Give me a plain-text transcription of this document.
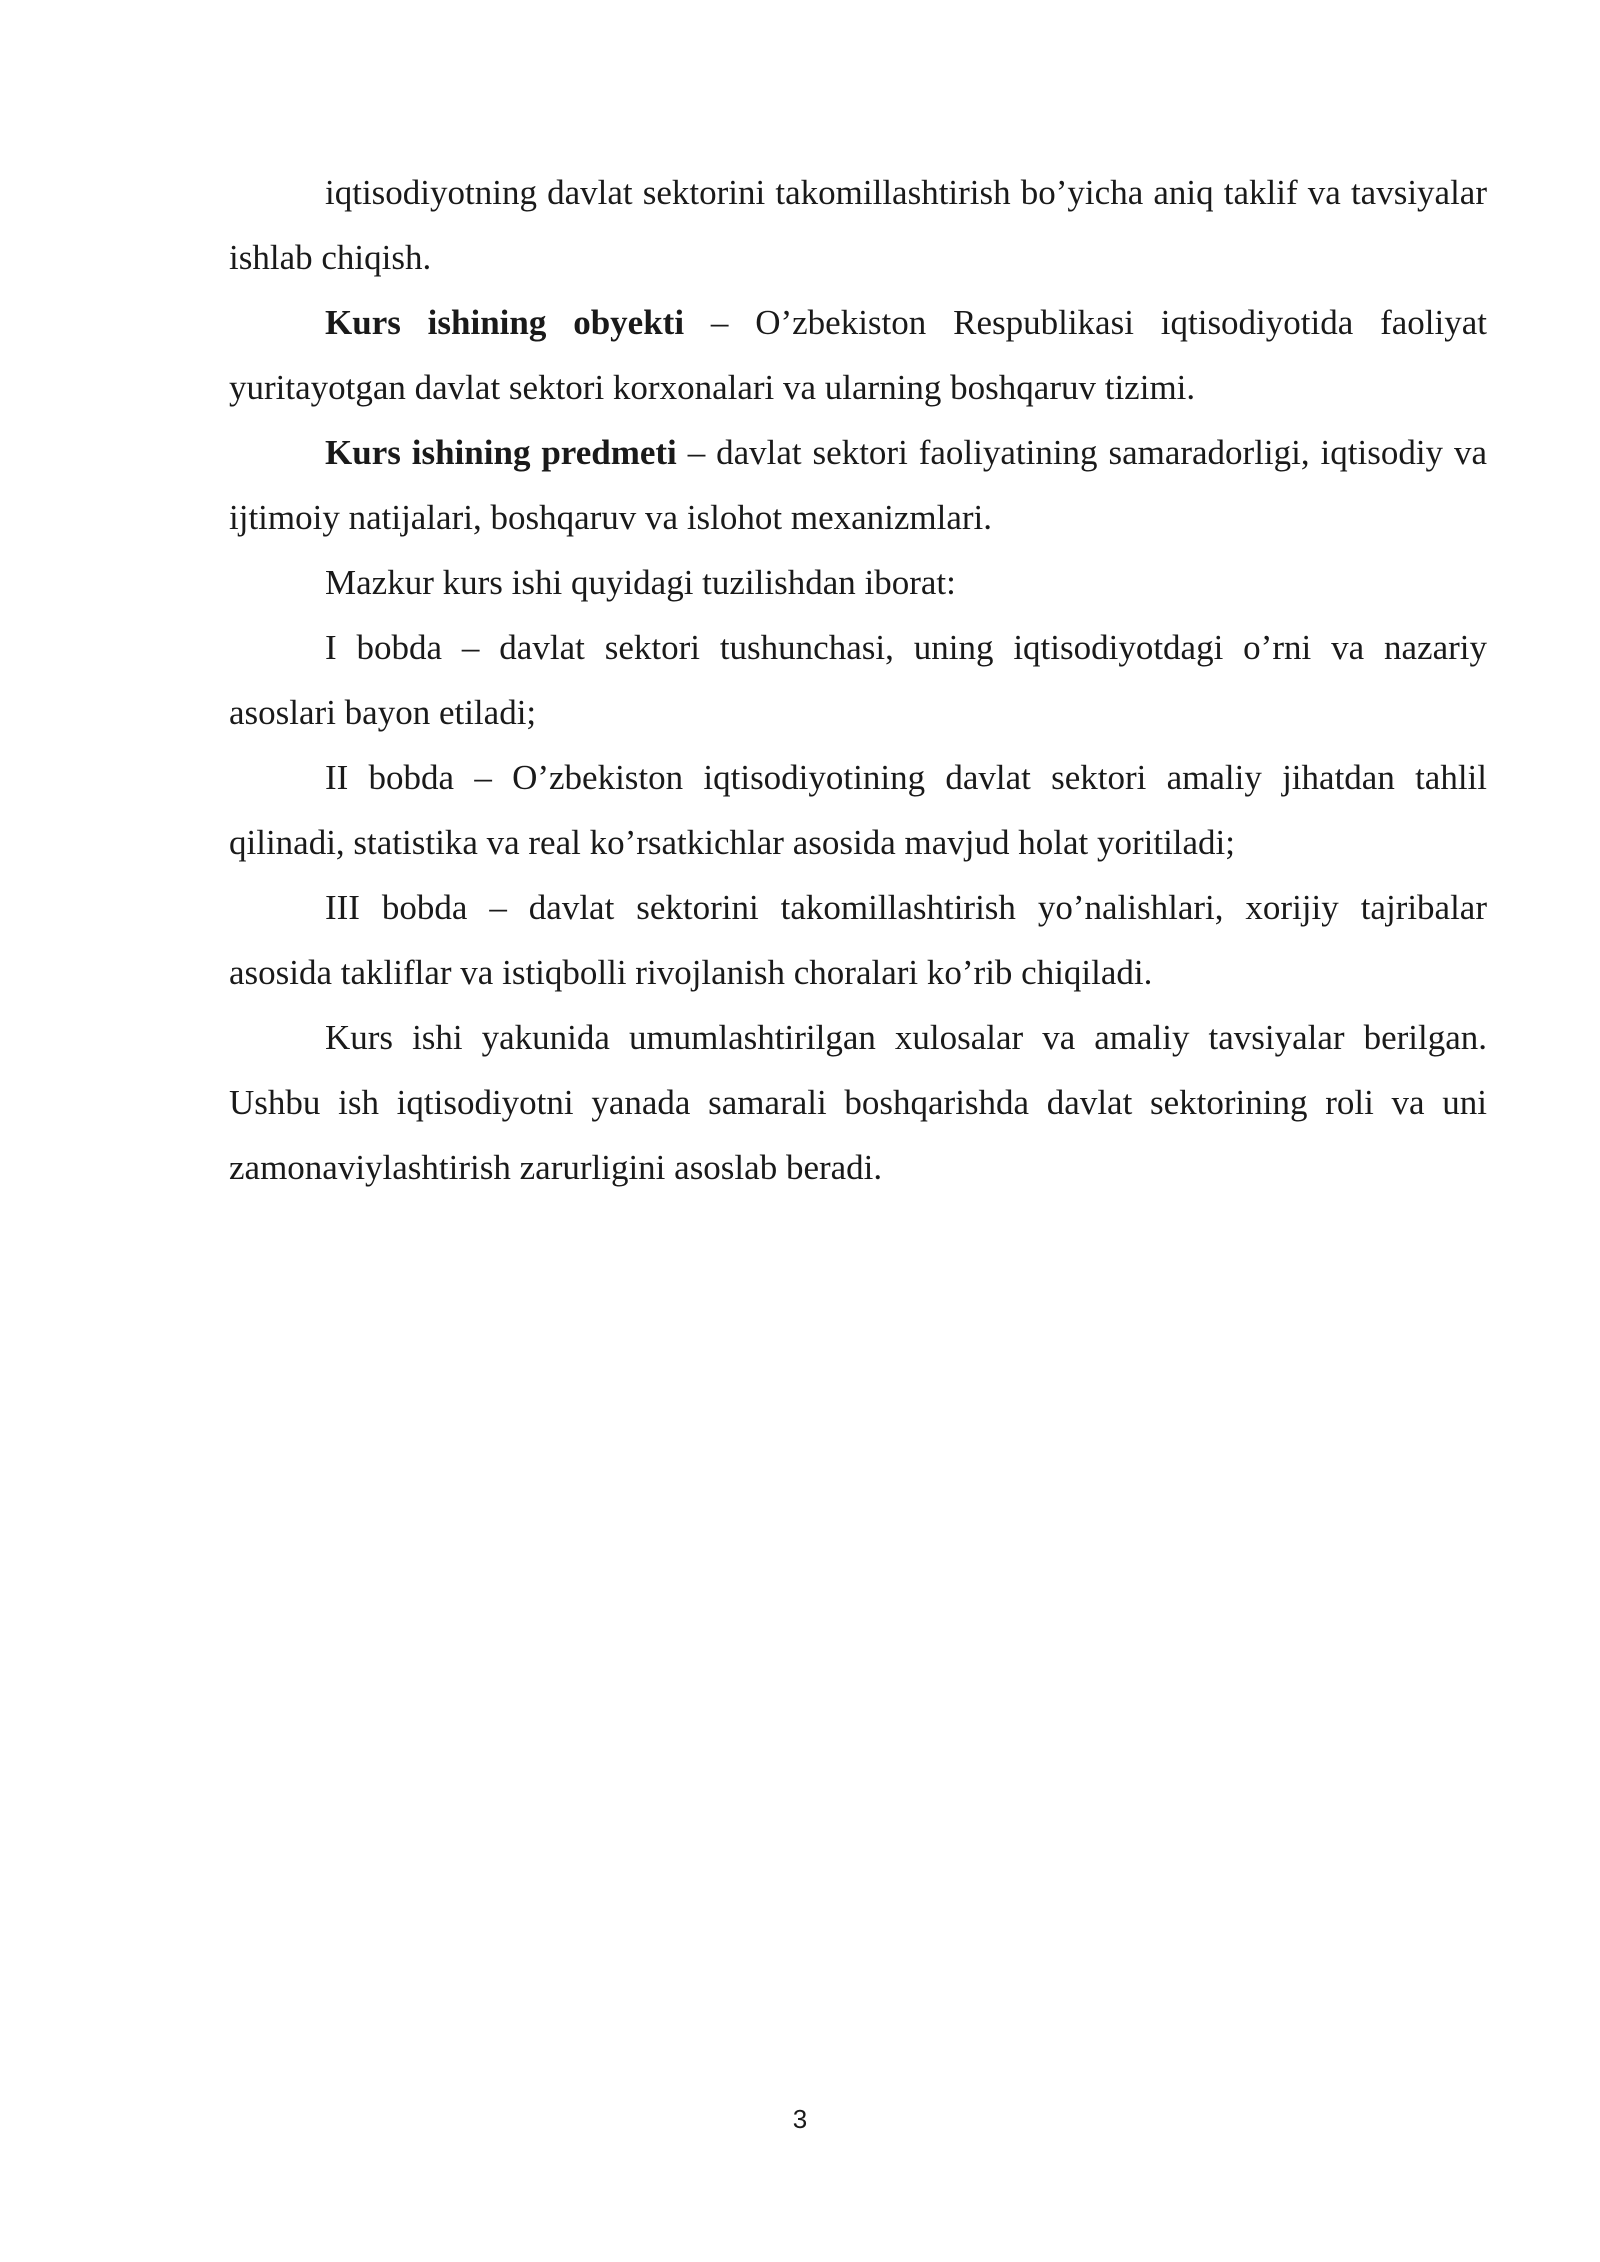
iqtisodiyotning davlat sektorini takomillashtirish bo’yicha aniq taklif va tavsiyalar ishlab chiqish.

Kurs ishining obyekti – O’zbekiston Respublikasi iqtisodiyotida faoliyat yuritayotgan davlat sektori korxonalari va ularning boshqaruv tizimi.

Kurs ishining predmeti – davlat sektori faoliyatining samaradorligi, iqtisodiy va ijtimoiy natijalari, boshqaruv va islohot mexanizmlari.

Mazkur kurs ishi quyidagi tuzilishdan iborat:

I bobda – davlat sektori tushunchasi, uning iqtisodiyotdagi o’rni va nazariy asoslari bayon etiladi;

II bobda – O’zbekiston iqtisodiyotining davlat sektori amaliy jihatdan tahlil qilinadi, statistika va real ko’rsatkichlar asosida mavjud holat yoritiladi;

III bobda – davlat sektorini takomillashtirish yo’nalishlari, xorijiy tajribalar asosida takliflar va istiqbolli rivojlanish choralari ko’rib chiqiladi.

Kurs ishi yakunida umumlashtirilgan xulosalar va amaliy tavsiyalar berilgan. Ushbu ish iqtisodiyotni yanada samarali boshqarishda davlat sektorining roli va uni zamonaviylashtirish zarurligini asoslab beradi.

3
